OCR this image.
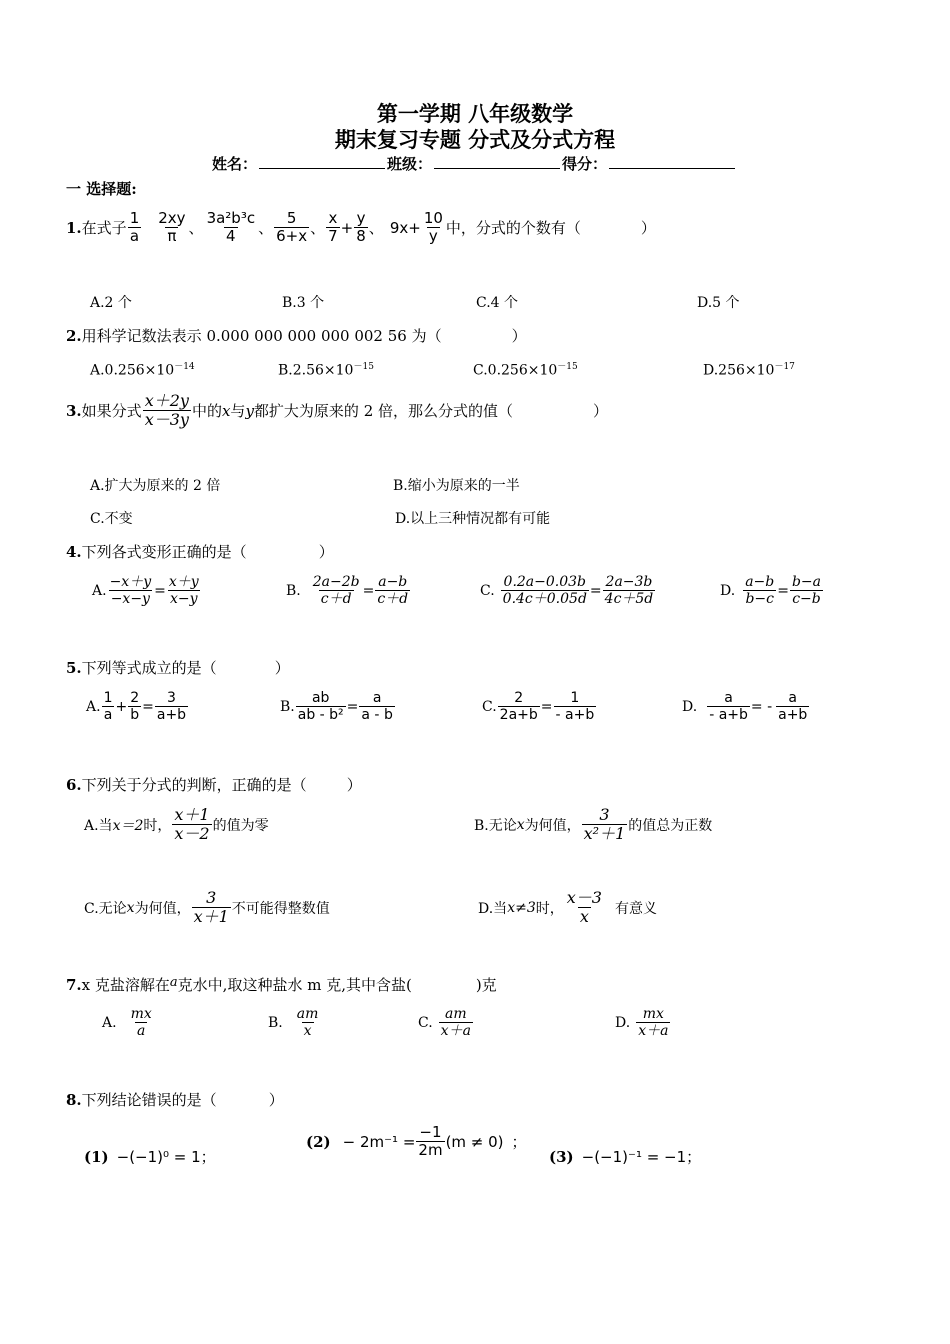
第一学期 八年级数学
期末复习专题 分式及分式方程
姓名：	班级：	得分：
一 选择题:
1. 在式子 $\frac{1}{a} \frac{2xy}{\pi}$ 、 $\frac{\text{3a²b³c}}{4}$ 、 $\frac{5}{6+x}$ 、 $\frac{x}{7} + \frac{y}{8}$ 、 $9x+ \frac{10}{y}$ 中，分式的个数有（	）
A.2 个	B.3 个	C.4 个	D.5 个
2.用科学记数法表示 0.000 000 000 000 002 56 为（	）
$A.0.256\times 10^{-14}$	$B.2.56\times 10^{-15}$	$C.0.256\times 10^{-15}$	$D.256\times 10^{-17}$
3. 如果分式 $\frac{x+2y}{x-3y}$ 中的 x 与 y 都扩大为原来的 2 倍，那么分式的值（	）
A.扩大为原来的 2 倍	B.缩小为原来的一半
C.不变	D.以上三种情况都有可能
4.下列各式变形正确的是（	）
A. $\frac{-x+y}{-x-y} = \frac{x+y}{x-y}$	B. $\frac{2a-2b}{c+d} = \frac{a-b}{c+d}$	C. $\frac{0.2a-0.03b}{0.4c+0.05d} = \frac{2a-3b}{4c+5d}$	D. $\frac{a-b}{b-c} = \frac{b-a}{c-b}$
5.下列等式成立的是（	）
A. $\frac{1}{a} + \frac{2}{b} = \frac{3}{a+b}$	B. $\frac{ab}{\text{ab - b²}} = \frac{a}{a - b}$	C. $\frac{2}{2a+b} = \frac{1}{- a+b}$	D. $\frac{a}{- a+b}$ = - $\frac{a}{a+b}$
6.下列关于分式的判断，正确的是（	）
A.当 x＝2 时， $\frac{x+1}{x-2}$ 的值为零	B.无论 x 为何值， $\frac{3}{\text{x²＋1}}$ 的值总为正数
C.无论 x 为何值， $\frac{3}{x+1}$ 不可能得整数值	D.当 x≠3 时， $\frac{x-3}{x}$ 有意义
7.x 克盐溶解在a克水中,取这种盐水 m 克,其中含盐(	)克
A. $\frac{mx}{a}$	B. $\frac{am}{x}$	C. $\frac{am}{x+a}$	D. $\frac{mx}{x+a}$
8.下列结论错误的是（	）
(1) −(−1)⁰ = 1；
$(2) - 2m^{-1} = \frac{-1}{2m} (m \ne 0)$ ；
(3) −(−1)⁻¹ = −1；
